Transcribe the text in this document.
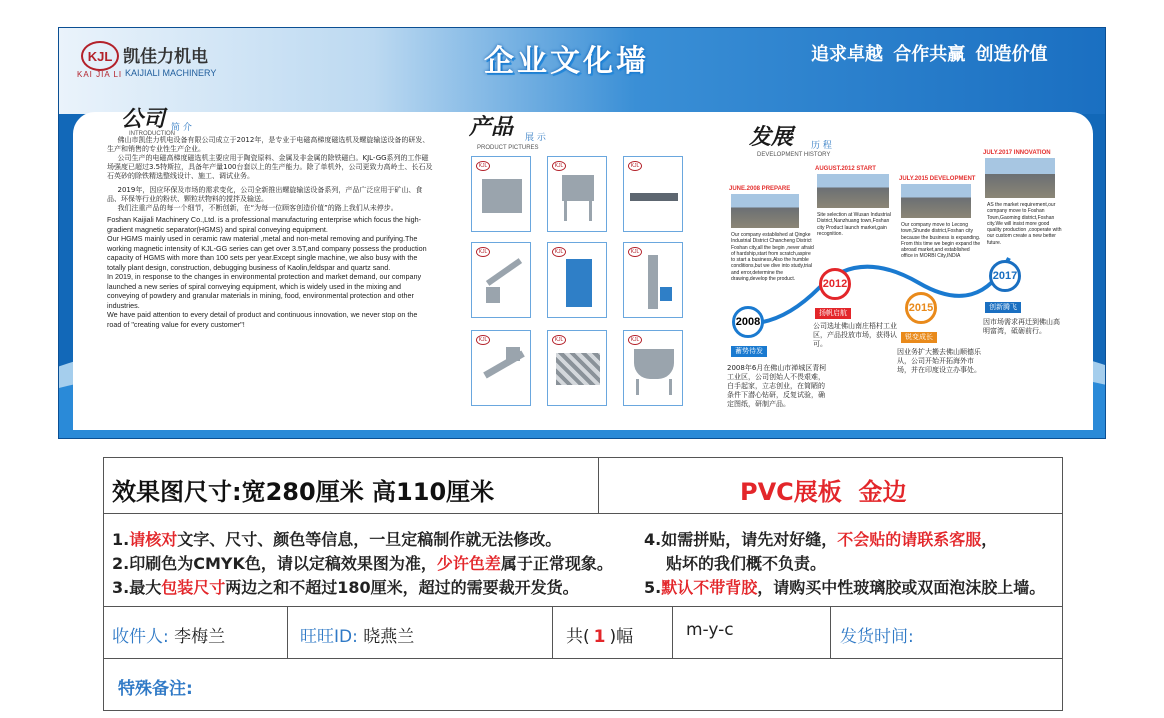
KJL
KAI JIA LI
凯佳力机电
KAIJIALI MACHINERY	企业文化墙	追求卓越 合作共赢 创造价值
公司 简 介
INTRODUCTION
佛山市凯佳力机电设备有限公司成立于2012年，是专业于电磁高梯度磁选机及螺旋输送设备的研发、生产和销售的专业性生产企业。
公司生产的电磁高梯度磁选机主要应用于陶瓷原料、金属及非金属的除铁磁白。KJL-GG系列的工作磁场强度已超过3.5特斯拉，具备年产量100台套以上的生产能力。除了单机外，公司更致力高岭土、长石及石英砂的除铁精选整线设计、施工、调试业务。
2019年，因应环保及市场的需求变化，公司全新推出螺旋输送设备系列，产品广泛应用于矿山、食品、环保等行业的粉状、颗粒状物料的搅拌及输送。
我们注重产品的每一个细节，不断创新，在“为每一位顾客创造价值”的路上我们从未停步。
Foshan Kaijiali Machinery Co.,Ltd. is a professional manufacturing enterprise which focus the high-gradient magnetic separator(HGMS) and spiral conveying equipment.
Our HGMS mainly used in ceramic raw material ,metal and non-metal removing and purifying.The working magnetic intensity of KJL-GG series can get over 3.5T,and company possess the production capacity of HGMS with more than 100 sets per year.Except single machine, we also busy with the totally plant design, construction, debugging business of Kaolin,feldspar and quartz sand.
In 2019, in response to the changes in environmental protection and market demand, our company launched a new series of spiral conveying equipment, which is widely used in the mixing and conveying of powdery and granular materials in mining, food, environmental protection and other industries.
We have paid attention to every detail of product and continuous innovation, we never stop on the road of "creating value for every customer"!
产品 展 示
PRODUCT PICTURES
KJL	KJL	KJL
KJL	KJL	KJL
KJL	KJL	KJL
发展 历 程
DEVELOPMENT HISTORY
JUNE.2008 PREPARE
Our company established at Qingke Industrial District Chancheng District Foshan city,all the begin ,never afraid of hardship,start from scratch,aspire to start a business,Also the humble conditions,but we dive into study,trial and error,determine the drawing,develop the product.
2008
蓄势待发
2008年6月在佛山市禅城区青柯工业区，公司创始人不畏艰难，白手起家，立志创业，在简陋的条件下潜心钻研，反复试验，确定图纸，研制产品。
AUGUST.2012 START
Site selection at Wusan Industrial District,Nanzhuang town,Foshan city Product launch market,gain recognition.
2012
扬帆启航
公司选址佛山南庄梧村工业区，产品投放市场，获得认可。
JULY.2015 DEVELOPMENT
Our company move to Lecong town,Shunde district,Foshan city because the business is expanding. From this time we begin expand the abroad market,and established office in MORBI City,INDIA
2015
锐变成长
因业务扩大搬去佛山顺德乐从，公司开始开拓海外市场，并在印度设立办事处。
JULY.2017 INNOVATION
AS the market requirement,our company move to Foshan Town,Gaoming district,Foshan city.We will insist more good quality production ,cooperate with our custom create a new better future.
2017
创新腾飞
因市场需求再迁到佛山高明富湾，砥砺前行。
效果图尺寸:宽280厘米 高110厘米	PVC展板  金边
1.请核对文字、尺寸、颜色等信息，一旦定稿制作就无法修改。
2.印刷色为CMYK色，请以定稿效果图为准，少许色差属于正常现象。
3.最大包装尺寸两边之和不超过180厘米，超过的需要裁开发货。
4.如需拼贴，请先对好缝，不会贴的请联系客服，
贴坏的我们概不负责。
5.默认不带背胶，请购买中性玻璃胶或双面泡沫胶上墙。
收件人: 李梅兰	旺旺ID: 晓燕兰	共( 1 )幅	m-y-c	发货时间:
特殊备注:
